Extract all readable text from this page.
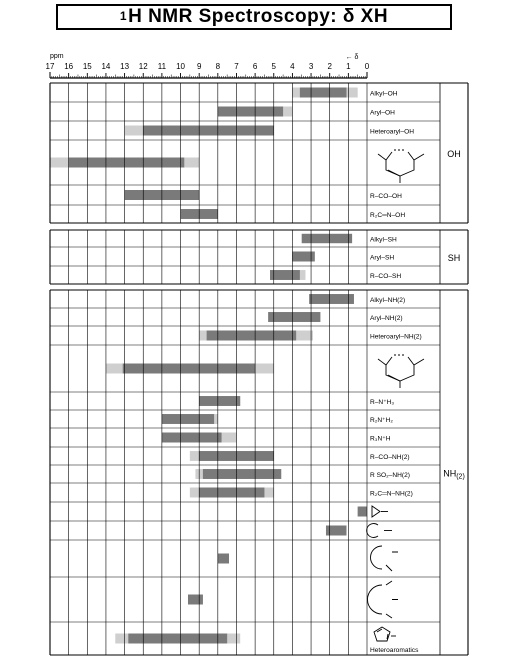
$^1$ H NMR Spectroscopy: δ XH
ppm	← δ
17 16 15 14 13 12 11 10 9 8 7 6 5 4 3 2 1 0
OH
Alkyl–OH
Aryl–OH
Heteroaryl–OH
R–CO–OH
R₂C═N–OH
SH
Alkyl–SH
Aryl–SH
R–CO–SH
$NH_{(2)}$
Alkyl–NH(2)
Aryl–NH(2)
Heteroaryl–NH(2)
R–N⁺H₃
R₂N⁺H₂
R₃N⁺H
R–CO–NH(2)
R SO₂–NH(2)
R₂C═N–NH(2)
Heteroaromatics
